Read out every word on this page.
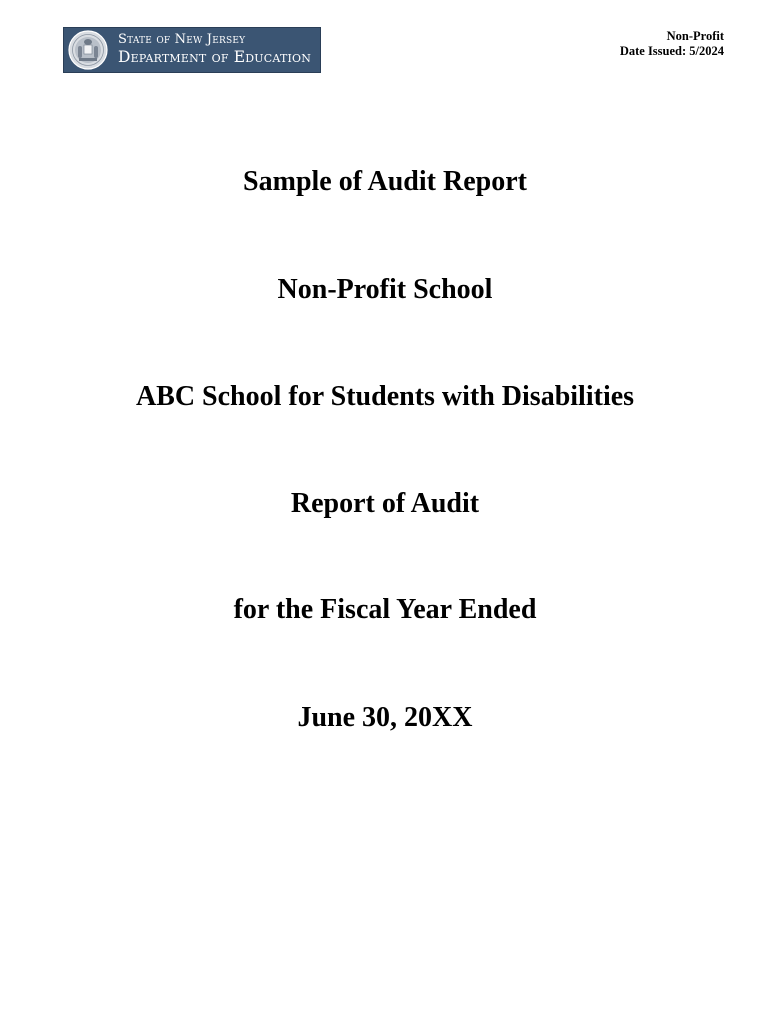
State of New Jersey
Department of Education
Non-Profit
Date Issued: 5/2024
Sample of Audit Report
Non-Profit School
ABC School for Students with Disabilities
Report of Audit
for the Fiscal Year Ended
June 30, 20XX
